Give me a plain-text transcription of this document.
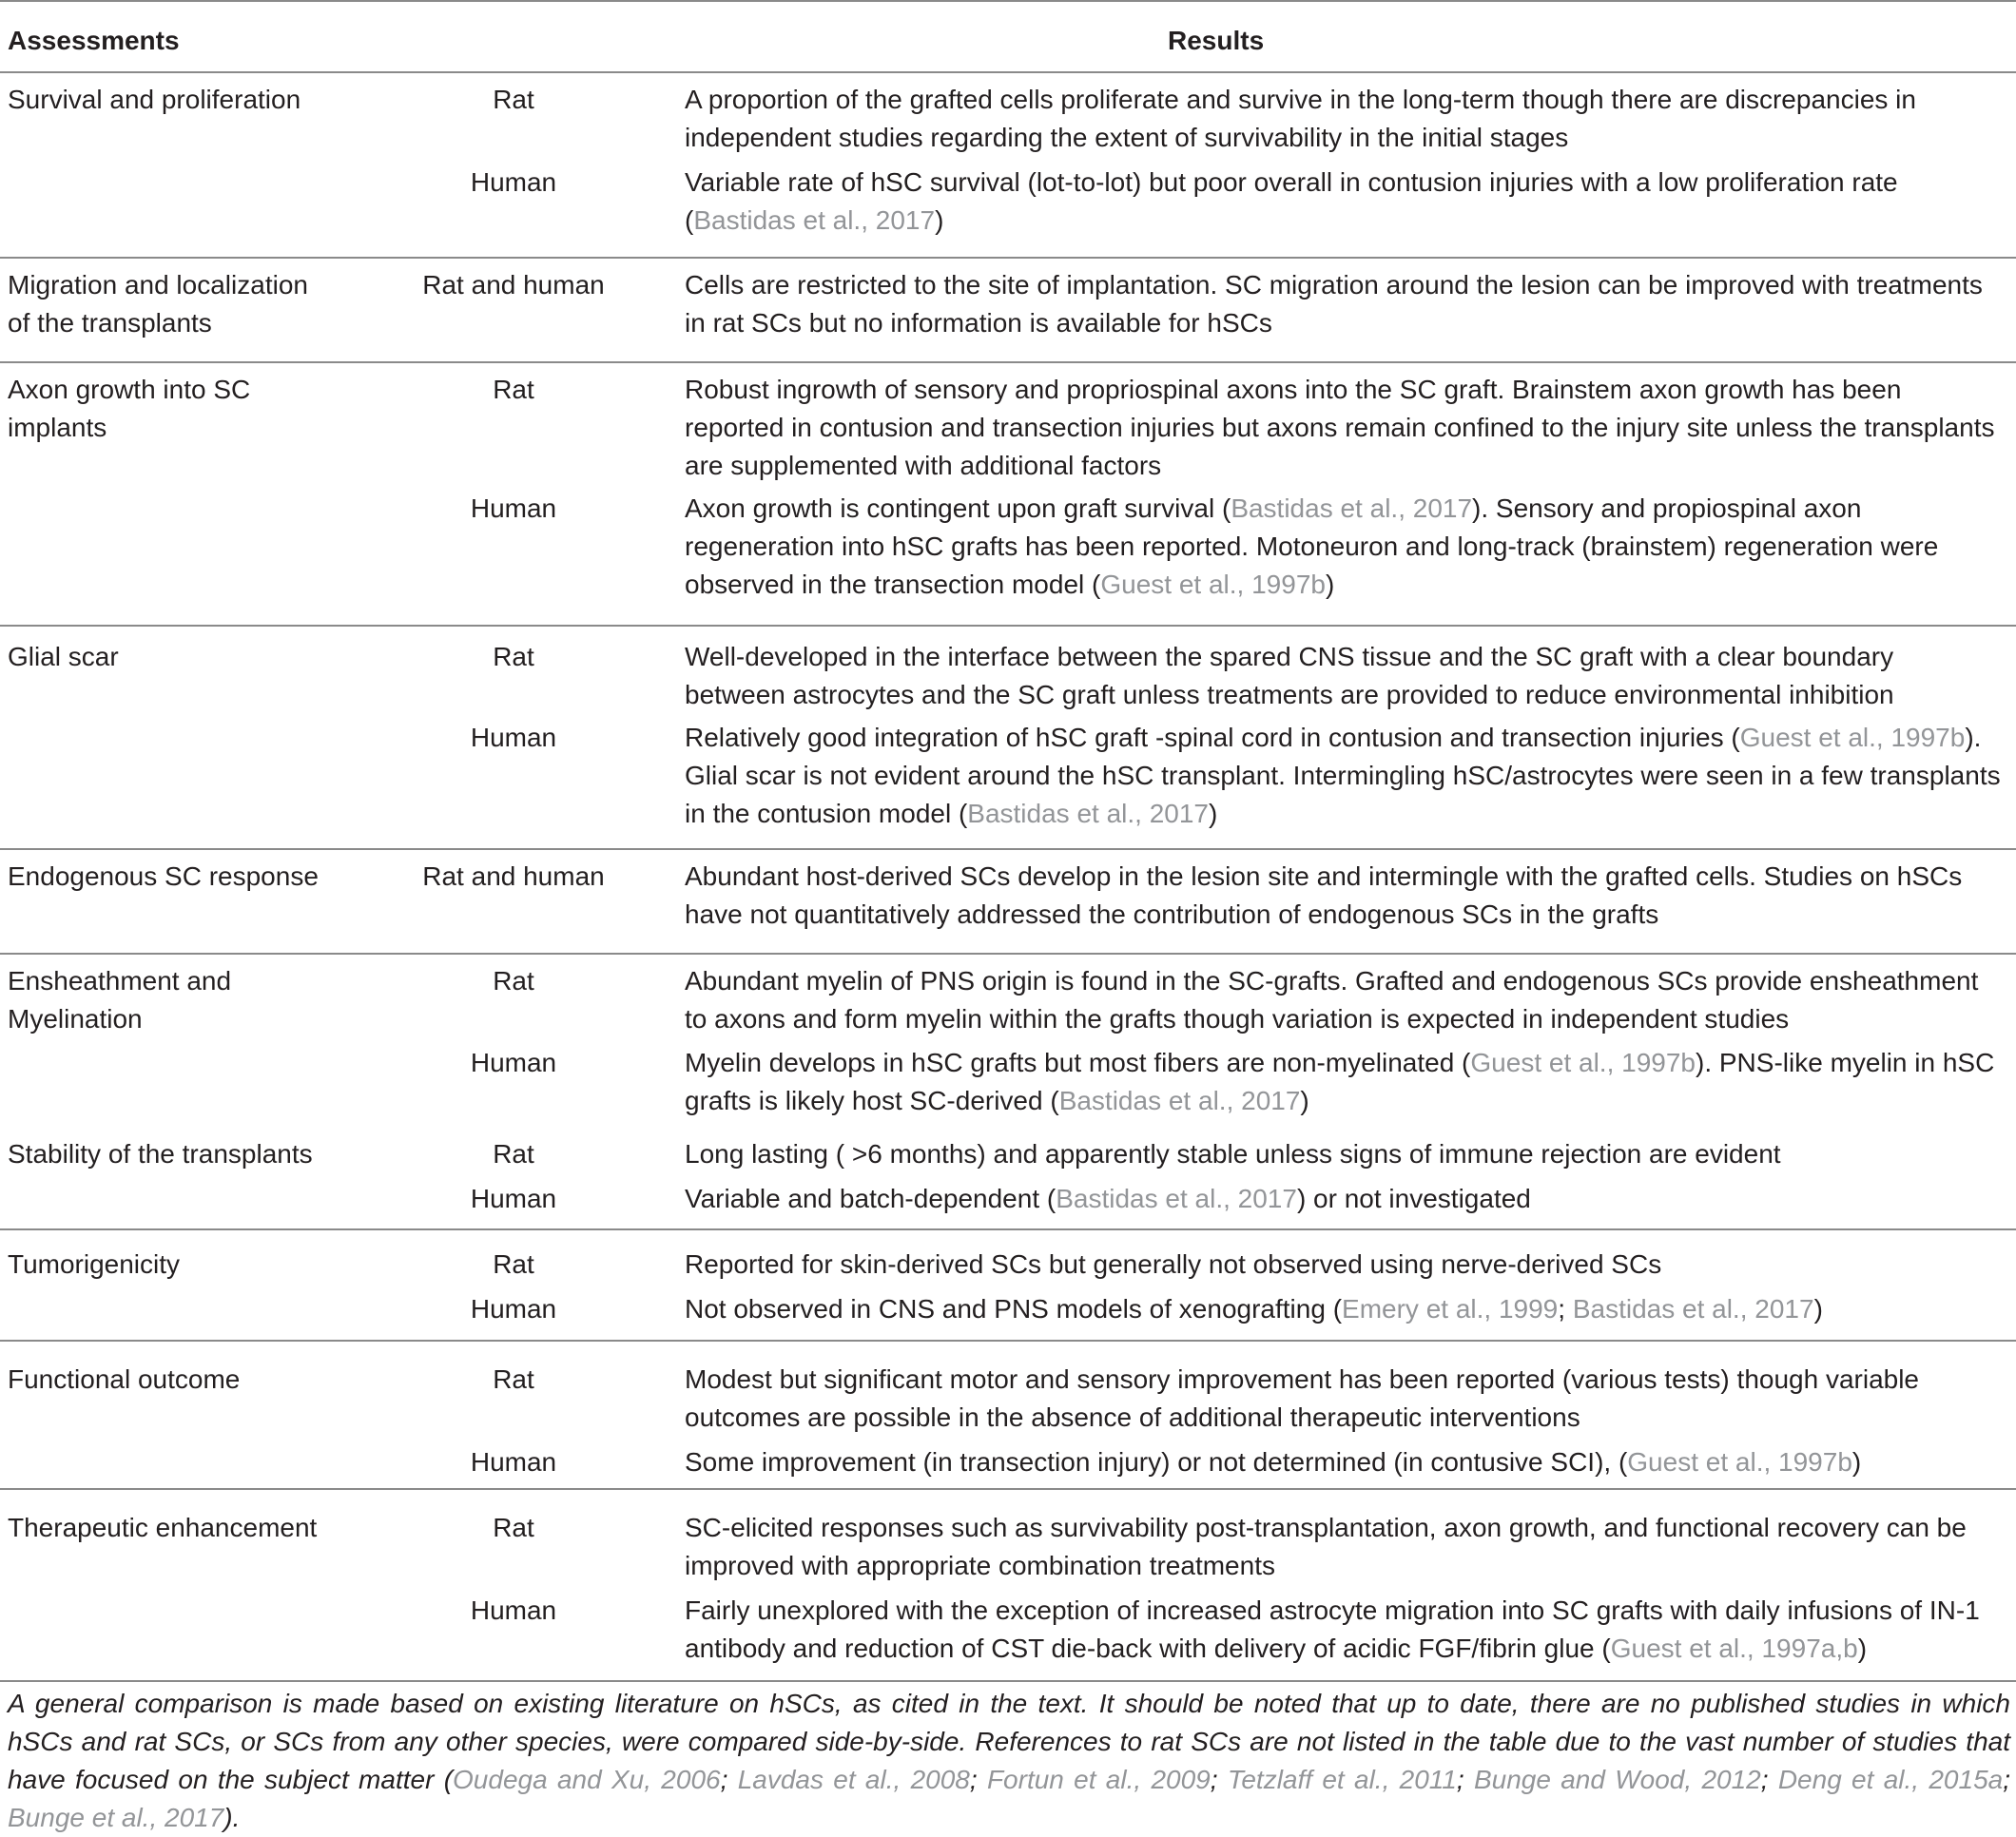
Assessments	Results
Survival and proliferation	Rat	A proportion of the grafted cells proliferate and survive in the long-term though there are discrepancies in
independent studies regarding the extent of survivability in the initial stages
Human	Variable rate of hSC survival (lot-to-lot) but poor overall in contusion injuries with a low proliferation rate
(Bastidas et al., 2017)
Migration and localization
of the transplants
Rat and human	Cells are restricted to the site of implantation. SC migration around the lesion can be improved with treatments
in rat SCs but no information is available for hSCs
Axon growth into SC
implants
Rat	Robust ingrowth of sensory and propriospinal axons into the SC graft. Brainstem axon growth has been
reported in contusion and transection injuries but axons remain confined to the injury site unless the transplants
are supplemented with additional factors
Human	Axon growth is contingent upon graft survival (Bastidas et al., 2017). Sensory and propiospinal axon
regeneration into hSC grafts has been reported. Motoneuron and long-track (brainstem) regeneration were
observed in the transection model (Guest et al., 1997b)
Glial scar	Rat	Well-developed in the interface between the spared CNS tissue and the SC graft with a clear boundary
between astrocytes and the SC graft unless treatments are provided to reduce environmental inhibition
Human	Relatively good integration of hSC graft -spinal cord in contusion and transection injuries (Guest et al., 1997b).
Glial scar is not evident around the hSC transplant. Intermingling hSC/astrocytes were seen in a few transplants
in the contusion model (Bastidas et al., 2017)
Endogenous SC response	Rat and human	Abundant host-derived SCs develop in the lesion site and intermingle with the grafted cells. Studies on hSCs
have not quantitatively addressed the contribution of endogenous SCs in the grafts
Ensheathment and
Myelination
Rat	Abundant myelin of PNS origin is found in the SC-grafts. Grafted and endogenous SCs provide ensheathment
to axons and form myelin within the grafts though variation is expected in independent studies
Human	Myelin develops in hSC grafts but most fibers are non-myelinated (Guest et al., 1997b). PNS-like myelin in hSC
grafts is likely host SC-derived (Bastidas et al., 2017)
Stability of the transplants	Rat	Long lasting ( >6 months) and apparently stable unless signs of immune rejection are evident
Human	Variable and batch-dependent (Bastidas et al., 2017) or not investigated
Tumorigenicity	Rat	Reported for skin-derived SCs but generally not observed using nerve-derived SCs
Human	Not observed in CNS and PNS models of xenografting (Emery et al., 1999; Bastidas et al., 2017)
Functional outcome	Rat	Modest but significant motor and sensory improvement has been reported (various tests) though variable
outcomes are possible in the absence of additional therapeutic interventions
Human	Some improvement (in transection injury) or not determined (in contusive SCI), (Guest et al., 1997b)
Therapeutic enhancement	Rat	SC-elicited responses such as survivability post-transplantation, axon growth, and functional recovery can be
improved with appropriate combination treatments
Human	Fairly unexplored with the exception of increased astrocyte migration into SC grafts with daily infusions of IN-1
antibody and reduction of CST die-back with delivery of acidic FGF/fibrin glue (Guest et al., 1997a,b)
A general comparison is made based on existing literature on hSCs, as cited in the text. It should be noted that up to date, there are no published studies in which
hSCs and rat SCs, or SCs from any other species, were compared side-by-side. References to rat SCs are not listed in the table due to the vast number of studies that
have focused on the subject matter (Oudega and Xu, 2006; Lavdas et al., 2008; Fortun et al., 2009; Tetzlaff et al., 2011; Bunge and Wood, 2012; Deng et al., 2015a;
Bunge et al., 2017).
